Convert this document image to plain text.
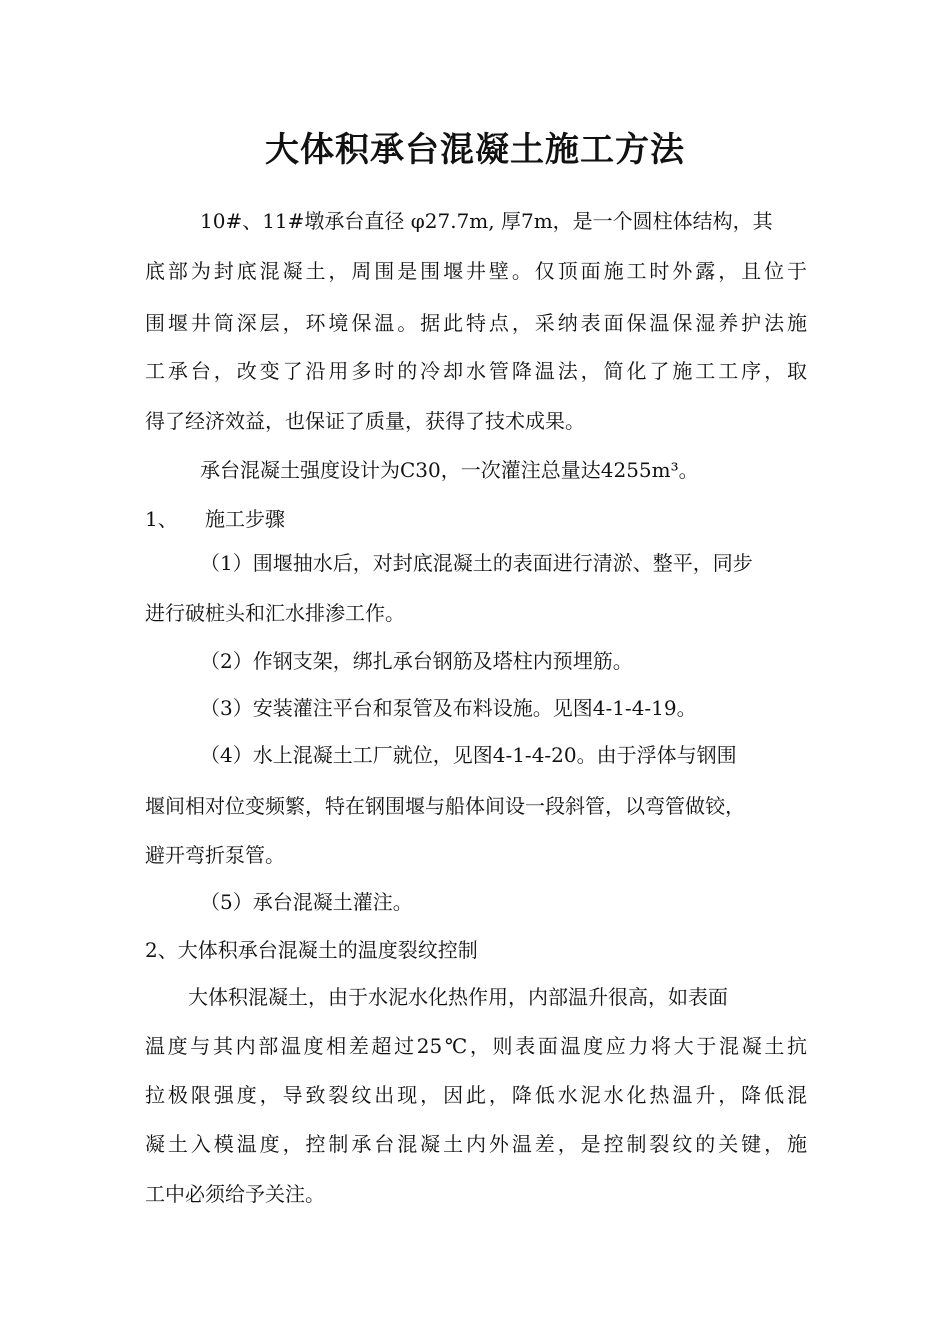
大体积承台混凝土施工方法

10#、11#墩承台直径 φ27.7m, 厚7m，是一个圆柱体结构，其

底部为封底混凝土，周围是围堰井壁。仅顶面施工时外露，且位于

围堰井筒深层，环境保温。据此特点，采纳表面保温保湿养护法施

工承台，改变了沿用多时的冷却水管降温法，简化了施工工序，取

得了经济效益，也保证了质量，获得了技术成果。

承台混凝土强度设计为C30，一次灌注总量达4255m³。

1、 施工步骤

（1）围堰抽水后，对封底混凝土的表面进行清淤、整平，同步

进行破桩头和汇水排渗工作。

（2）作钢支架，绑扎承台钢筋及塔柱内预埋筋。

（3）安装灌注平台和泵管及布料设施。见图4-1-4-19。

（4）水上混凝土工厂就位，见图4-1-4-20。由于浮体与钢围

堰间相对位变频繁，特在钢围堰与船体间设一段斜管，以弯管做铰，

避开弯折泵管。

（5）承台混凝土灌注。

2、大体积承台混凝土的温度裂纹控制

大体积混凝土，由于水泥水化热作用，内部温升很高，如表面

温度与其内部温度相差超过25℃，则表面温度应力将大于混凝土抗

拉极限强度，导致裂纹出现，因此，降低水泥水化热温升，降低混

凝土入模温度，控制承台混凝土内外温差，是控制裂纹的关键，施

工中必须给予关注。
